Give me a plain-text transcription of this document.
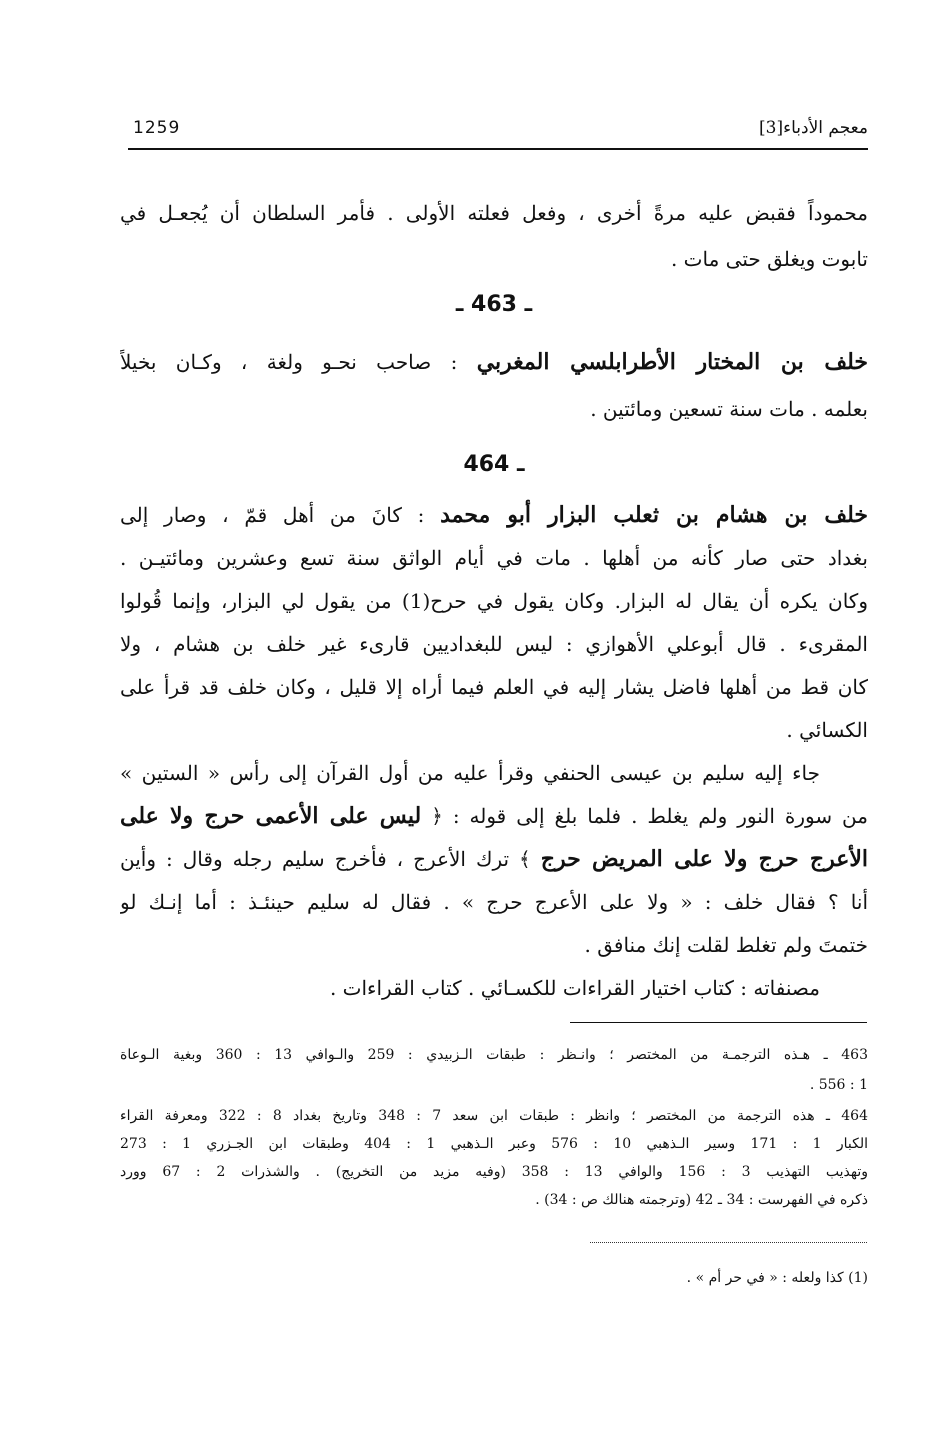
1259	معجم الأدباء[3]
محموداً فقبض عليه مرةً أخرى ، وفعل فعلته الأولى . فأمر السلطان أن يُجعـل في
تابوت ويغلق حتى مات .
ـ 463 ـ
خلف بن المختار الأطرابلسي المغربي : صاحب نحـو ولغة ، وكـان بخيلاً
بعلمه . مات سنة تسعين ومائتين .
ـ 464
خلف بن هشام بن ثعلب البزار أبو محمد : كانَ من أهل قمّ ، وصار إلى
بغداد حتى صار كأنه من أهلها . مات في أيام الواثق سنة تسع وعشرين ومائتيـن .
وكان يكره أن يقال له البزار. وكان يقول في حرح(1) من يقول لي البزار، وإنما قُولوا
المقرىء . قال أبوعلي الأهوازي : ليس للبغداديين قارىء غير خلف بن هشام ، ولا
كان قط من أهلها فاضل يشار إليه في العلم فيما أراه إلا قليل ، وكان خلف قد قرأ على
الكسائي .
جاء إليه سليم بن عيسى الحنفي وقرأ عليه من أول القرآن إلى رأس « الستين »
من سورة النور ولم يغلط . فلما بلغ إلى قوله : ﴿ ليس على الأعمى حرج ولا على
الأعرج حرج ولا على المريض حرج ﴾ ترك الأعرج ، فأخرج سليم رجله وقال : وأين
أنا ؟ فقال خلف : « ولا على الأعرج حرج » . فقال له سليم حينئـذ : أما إنـك لو
ختمتَ ولم تغلط لقلت إنك منافق .
مصنفاته : كتاب اختيار القراءات للكسـائي . كتاب القراءات .
463 ـ هـذه الترجمـة من المختصر ؛ وانـظر : طبقات الـزبيدي : 259 والـوافي 13 : 360 وبغية الـوعاة
1 : 556 .
464 ـ هذه الترجمة من المختصر ؛ وانظر : طبقات ابن سعد 7 : 348 وتاريخ بغداد 8 : 322 ومعرفة القراء
الكبار 1 : 171 وسير الـذهبي 10 : 576 وعبر الـذهبي 1 : 404 وطبقات ابن الجـزري 1 : 273
وتهذيب التهذيب 3 : 156 والوافي 13 : 358 (وفيه مزيد من التخريج) . والشذرات 2 : 67 وورد
ذكره في الفهرست : 34 ـ 42 (وترجمته هنالك ص : 34) .
(1) كذا ولعله : « في حر أم » .
